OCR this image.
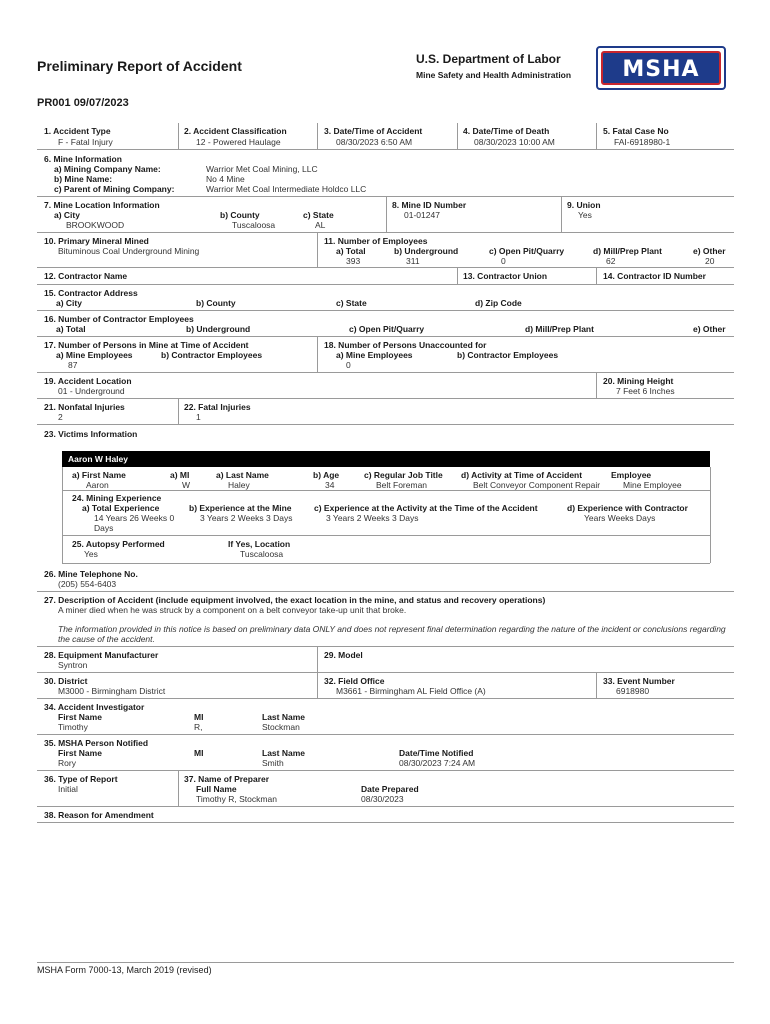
Preliminary Report of Accident	U.S. Department of Labor
Mine Safety and Health Administration	MSHA
PR001 09/07/2023
1. Accident Type
F - Fatal Injury
2. Accident Classification
12 - Powered Haulage
3. Date/Time of Accident
08/30/2023 6:50 AM
4. Date/Time of Death
08/30/2023 10:00 AM
5. Fatal Case No
FAI-6918980-1
6. Mine Information
a) Mining Company Name:
b) Mine Name:
c) Parent of Mining Company:
Warrior Met Coal Mining, LLC
No 4 Mine
Warrior Met Coal Intermediate Holdco LLC
7. Mine Location Information
a) City
BROOKWOOD
b) County
Tuscaloosa
c) State
AL
8. Mine ID Number
01-01247
9. Union
Yes
10. Primary Mineral Mined
Bituminous Coal Underground Mining
11. Number of Employees
a) Total
393
b) Underground
311
c) Open Pit/Quarry
0
d) Mill/Prep Plant
62
e) Other
20
12. Contractor Name	13. Contractor Union	14. Contractor ID Number
15. Contractor Address
a) City	b) County	c) State	d) Zip Code
16. Number of Contractor Employees
a) Total	b) Underground	c) Open Pit/Quarry	d) Mill/Prep Plant	e) Other
17. Number of Persons in Mine at Time of Accident
a) Mine Employees
87
b) Contractor Employees
18. Number of Persons Unaccounted for
a) Mine Employees
0
b) Contractor Employees
19. Accident Location
01 - Underground
20. Mining Height
7 Feet 6 Inches
21. Nonfatal Injuries
2
22. Fatal Injuries
1
23. Victims Information
Aaron W Haley
a) First Name
Aaron
a) MI
W
a) Last Name
Haley
b) Age
34
c) Regular Job Title
Belt Foreman
d) Activity at Time of Accident
Belt Conveyor Component Repair
Employee
Mine Employee
24. Mining Experience
a) Total Experience
14 Years 26 Weeks 0
Days
b) Experience at the Mine
3 Years 2 Weeks 3 Days
c) Experience at the Activity at the Time of the Accident
3 Years 2 Weeks 3 Days
d) Experience with Contractor
Years Weeks Days
25. Autopsy Performed
Yes
If Yes, Location
Tuscaloosa
26. Mine Telephone No.
(205) 554-6403
27. Description of Accident (include equipment involved, the exact location in the mine, and status and recovery operations)
A miner died when he was struck by a component on a belt conveyor take-up unit that broke.
The information provided in this notice is based on preliminary data ONLY and does not represent final determination regarding the nature of the incident or conclusions regarding
the cause of the accident.
28. Equipment Manufacturer
Syntron
29. Model
30. District
M3000 - Birmingham District
32. Field Office
M3661 - Birmingham AL Field Office (A)
33. Event Number
6918980
34. Accident Investigator
First Name
Timothy
MI
R,
Last Name
Stockman
35. MSHA Person Notified
First Name
Rory
MI	Last Name
Smith
Date/Time Notified
08/30/2023 7:24 AM
36. Type of Report
Initial
37. Name of Preparer
Full Name
Timothy R, Stockman
Date Prepared
08/30/2023
38. Reason for Amendment
MSHA Form 7000-13, March 2019 (revised)
